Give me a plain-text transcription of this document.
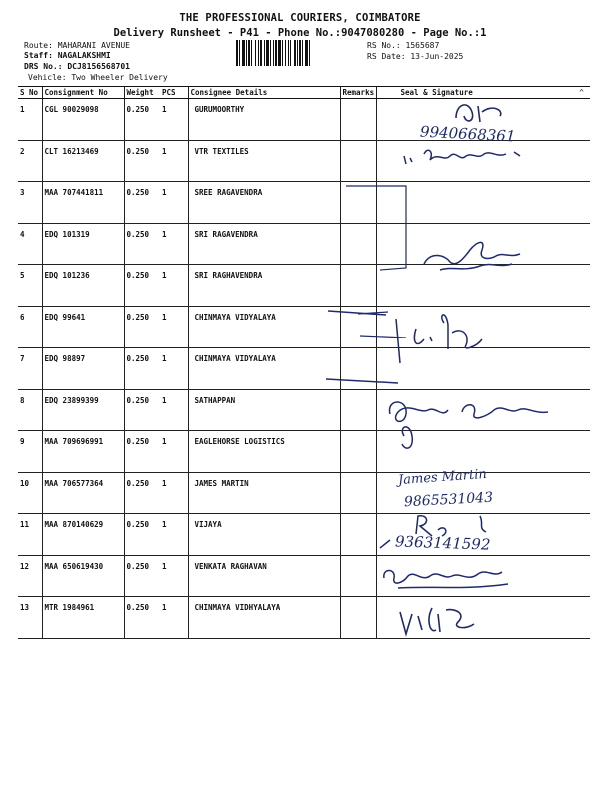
THE PROFESSIONAL COURIERS, COIMBATORE
Delivery Runsheet - P41 - Phone No.:9047080280 - Page No.:1
Route: MAHARANI AVENUE
Staff: NAGALAKSHMI
DRS No.: DCJ8156568701
Vehicle: Two Wheeler Delivery
RS No.: 1565687
RS Date: 13-Jun-2025
S No	Consignment No	Weight	PCS	Consignee Details	Remarks	Seal & Signature
1	CGL 90029098	0.250	1	GURUMOORTHY		
2	CLT 16213469	0.250	1	VTR TEXTILES		
3	MAA 707441811	0.250	1	SREE RAGAVENDRA		
4	EDQ 101319	0.250	1	SRI RAGAVENDRA		
5	EDQ 101236	0.250	1	SRI RAGHAVENDRA		
6	EDQ 99641	0.250	1	CHINMAYA VIDYALAYA		
7	EDQ 98897	0.250	1	CHINMAYA VIDYALAYA		
8	EDQ 23899399	0.250	1	SATHAPPAN		
9	MAA 709696991	0.250	1	EAGLEHORSE LOGISTICS		
10	MAA 706577364	0.250	1	JAMES MARTIN		
11	MAA 870140629	0.250	1	VIJAYA		
12	MAA 650619430	0.250	1	VENKATA RAGHAVAN		
13	MTR 1984961	0.250	1	CHINMAYA VIDHYALAYA		
^
9940668361
James Martin
9865531043
9363141592
